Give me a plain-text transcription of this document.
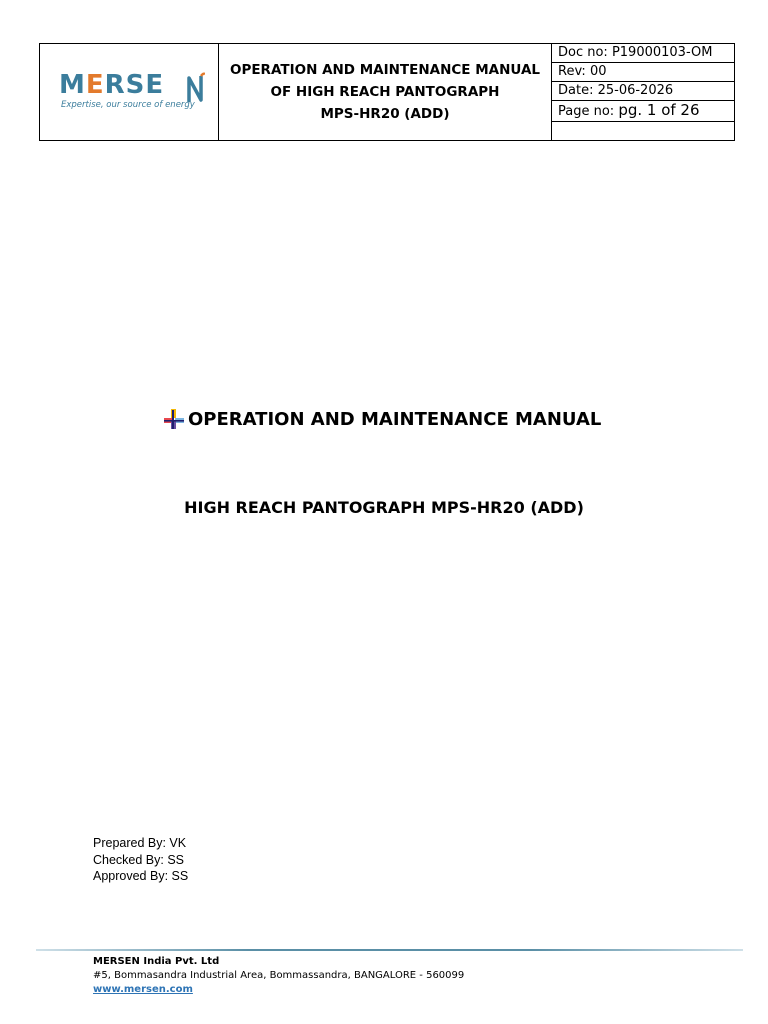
MERSE
Expertise, our source of energy

OPERATION AND MAINTENANCE MANUAL
OF HIGH REACH PANTOGRAPH
MPS-HR20 (ADD)
	Doc no: P19000103-OM
Rev: 00
Date: 25-06-2026
Page no: pg. 1 of 26

OPERATION AND MAINTENANCE MANUAL
HIGH REACH PANTOGRAPH MPS-HR20 (ADD)
Prepared By: VK
Checked By: SS
Approved By: SS
MERSEN India Pvt. Ltd
#5, Bommasandra Industrial Area, Bommassandra, BANGALORE - 560099
www.mersen.com
